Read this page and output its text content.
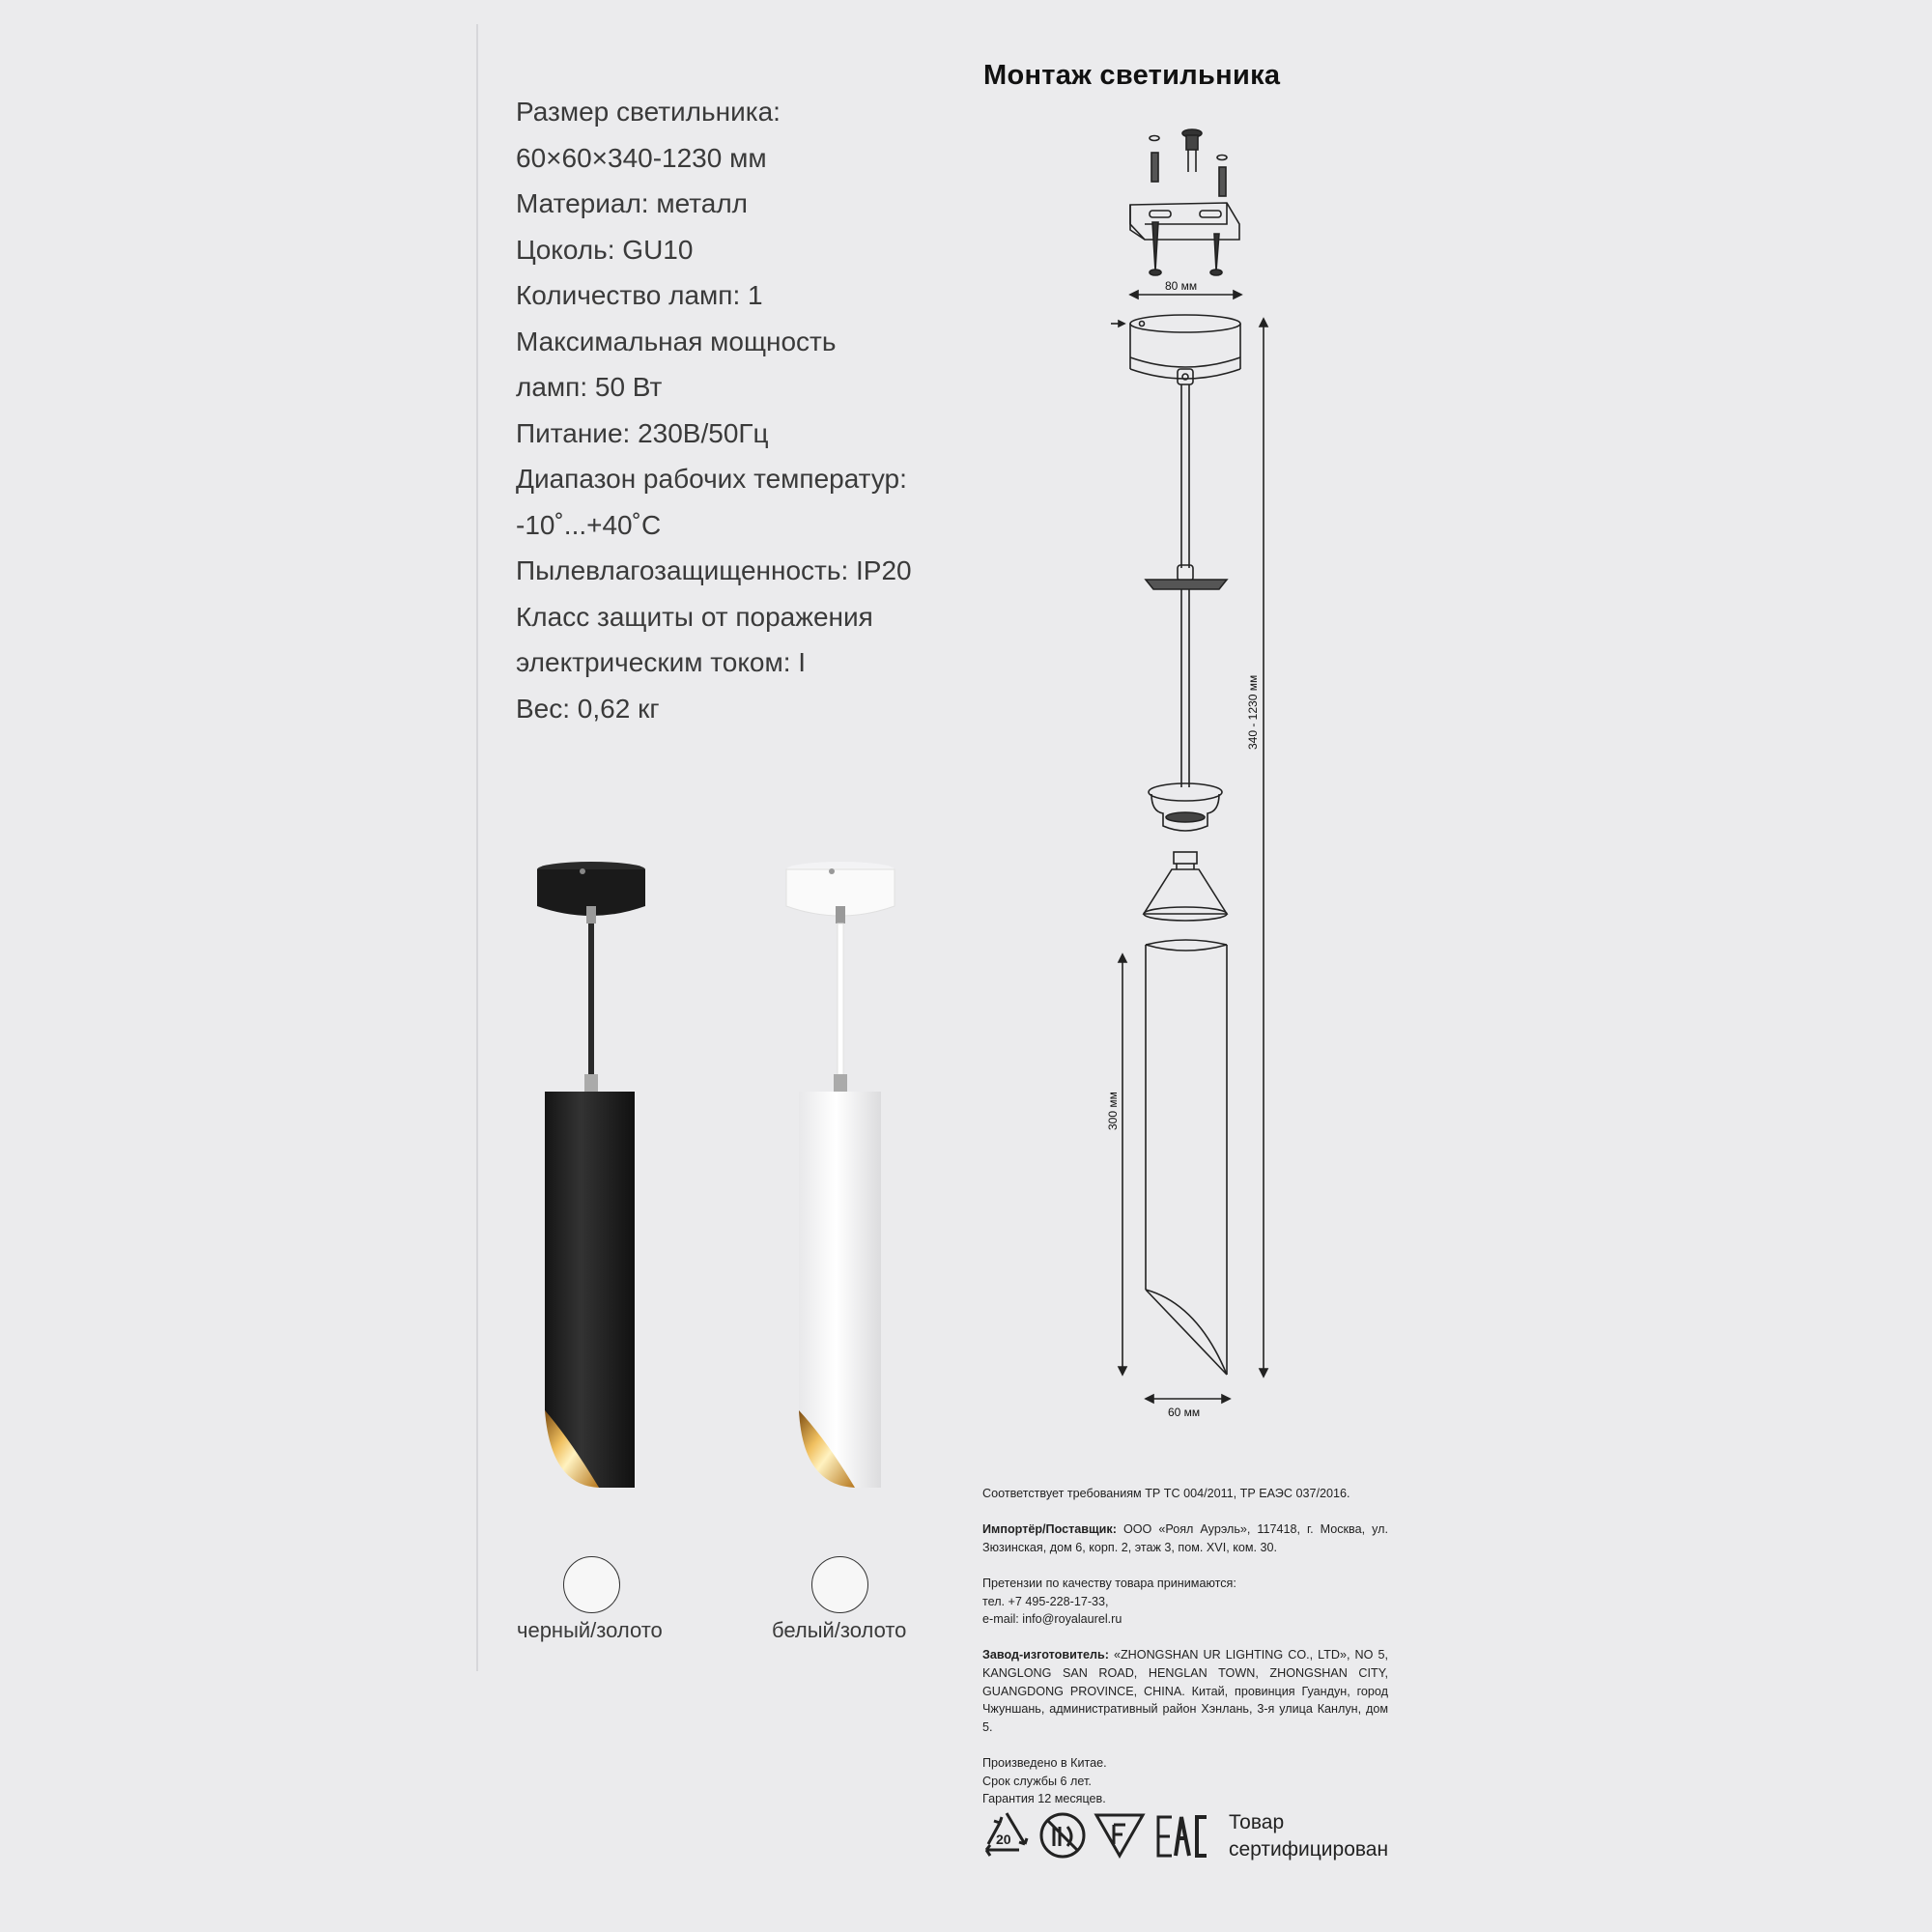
Размер светильника:
60×60×340-1230 мм
Материал: металл
Цоколь: GU10
Количество ламп: 1
Максимальная мощность
ламп: 50 Вт
Питание: 230В/50Гц
Диапазон рабочих температур:
-10˚...+40˚С
Пылевлагозащищенность: IP20
Класс защиты от поражения
электрическим током: I
Вес: 0,62 кг
Монтаж светильника
80 мм
340 - 1230 мм
300 мм
60 мм
черный/золото	белый/золото

Соответствует требованиям ТР ТС 004/2011, ТР ЕАЭС 037/2016.

Импортёр/Поставщик: ООО «Роял Аурэль», 117418, г. Москва, ул. Зюзинская, дом 6, корп. 2, этаж 3, пом. XVI, ком. 30.

Претензии по качеству товара принимаются:
тел. +7 495-228-17-33,
e-mail: info@royalaurel.ru

Завод-изготовитель: «ZHONGSHAN UR LIGHTING CO., LTD», NO 5, KANGLONG SAN ROAD, HENGLAN TOWN, ZHONGSHAN CITY, GUANGDONG PROVINCE, CHINA. Китай, провинция Гуандун, город Чжуншань, административный район Хэнлань, 3-я улица Канлун, дом 5.

Произведено в Китае.
Срок службы 6 лет.
Гарантия 12 месяцев.

20
Товар
сертифицирован
